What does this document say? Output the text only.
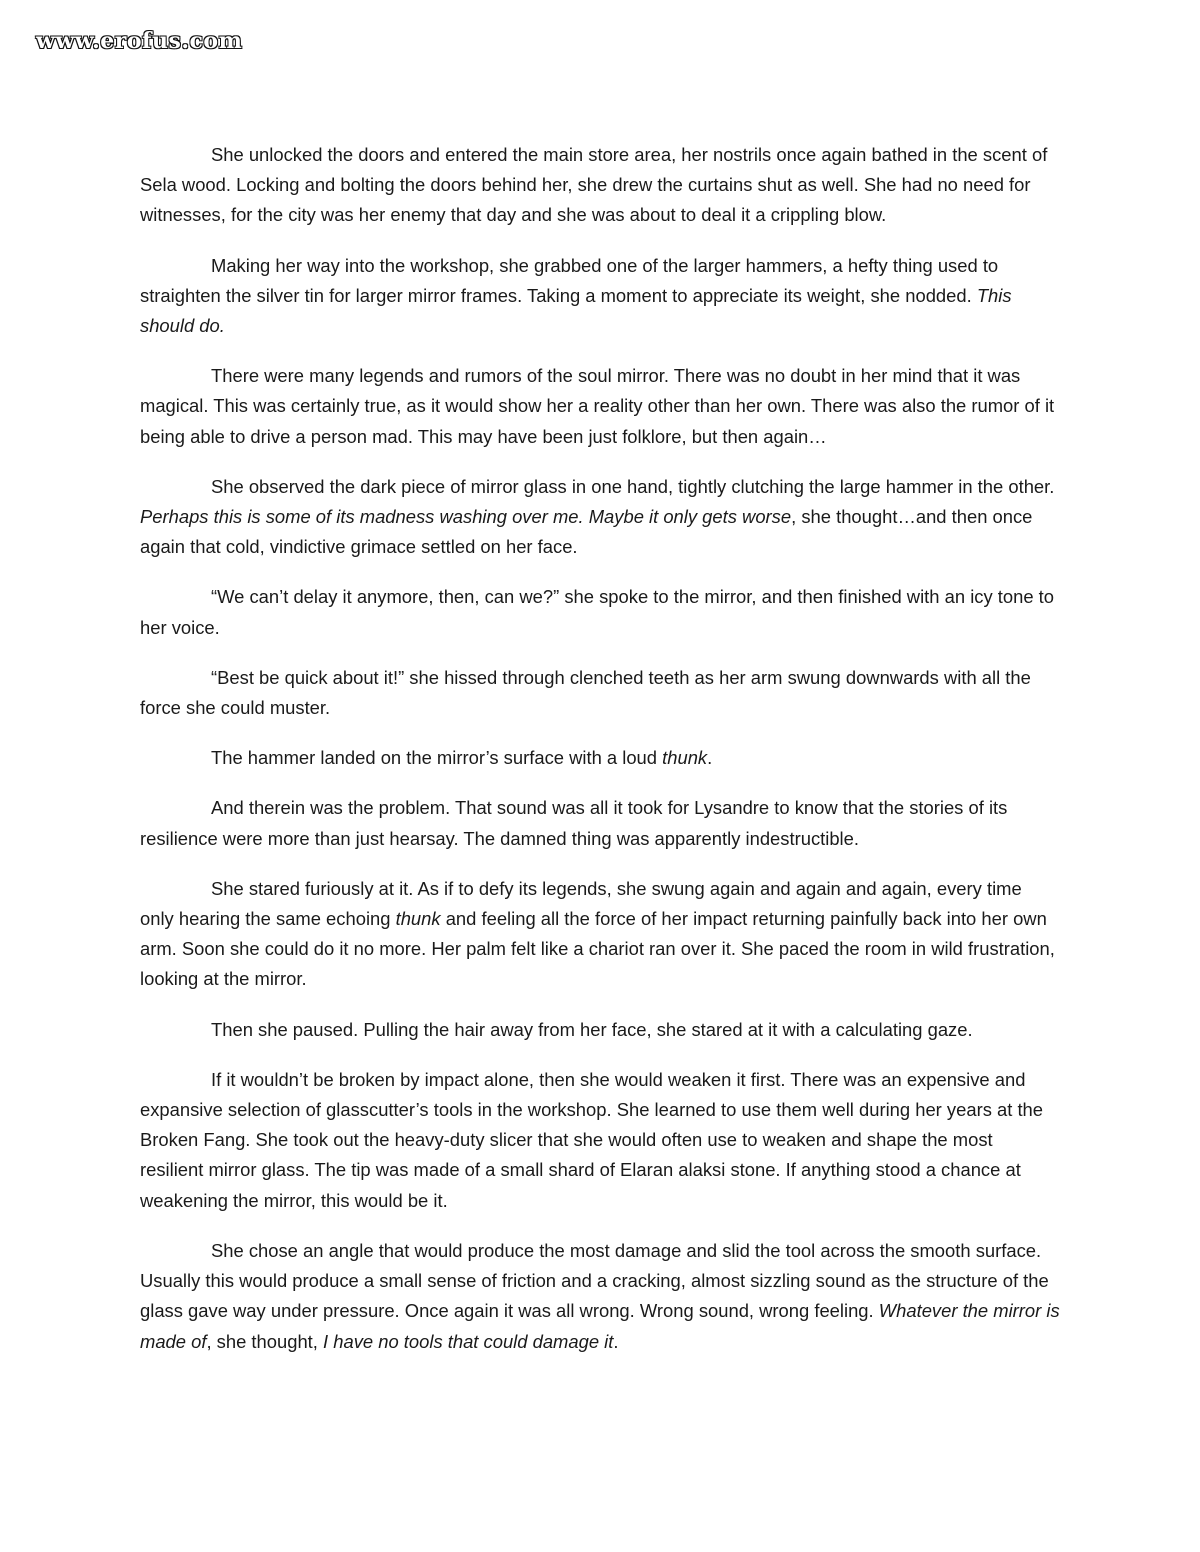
www.erofus.com

She unlocked the doors and entered the main store area, her nostrils once again bathed in the scent of Sela wood. Locking and bolting the doors behind her, she drew the curtains shut as well. She had no need for witnesses, for the city was her enemy that day and she was about to deal it a crippling blow.

Making her way into the workshop, she grabbed one of the larger hammers, a hefty thing used to straighten the silver tin for larger mirror frames. Taking a moment to appreciate its weight, she nodded. This should do.

There were many legends and rumors of the soul mirror. There was no doubt in her mind that it was magical. This was certainly true, as it would show her a reality other than her own. There was also the rumor of it being able to drive a person mad. This may have been just folklore, but then again…

She observed the dark piece of mirror glass in one hand, tightly clutching the large hammer in the other. Perhaps this is some of its madness washing over me. Maybe it only gets worse, she thought…and then once again that cold, vindictive grimace settled on her face.

“We can’t delay it anymore, then, can we?” she spoke to the mirror, and then finished with an icy tone to her voice.

“Best be quick about it!” she hissed through clenched teeth as her arm swung downwards with all the force she could muster.

The hammer landed on the mirror’s surface with a loud thunk.

And therein was the problem. That sound was all it took for Lysandre to know that the stories of its resilience were more than just hearsay. The damned thing was apparently indestructible.

She stared furiously at it. As if to defy its legends, she swung again and again and again, every time only hearing the same echoing thunk and feeling all the force of her impact returning painfully back into her own arm. Soon she could do it no more. Her palm felt like a chariot ran over it. She paced the room in wild frustration, looking at the mirror.

Then she paused. Pulling the hair away from her face, she stared at it with a calculating gaze.

If it wouldn’t be broken by impact alone, then she would weaken it first. There was an expensive and expansive selection of glasscutter’s tools in the workshop. She learned to use them well during her years at the Broken Fang. She took out the heavy-duty slicer that she would often use to weaken and shape the most resilient mirror glass. The tip was made of a small shard of Elaran alaksi stone. If anything stood a chance at weakening the mirror, this would be it.

She chose an angle that would produce the most damage and slid the tool across the smooth surface. Usually this would produce a small sense of friction and a cracking, almost sizzling sound as the structure of the glass gave way under pressure. Once again it was all wrong. Wrong sound, wrong feeling. Whatever the mirror is made of, she thought, I have no tools that could damage it.
